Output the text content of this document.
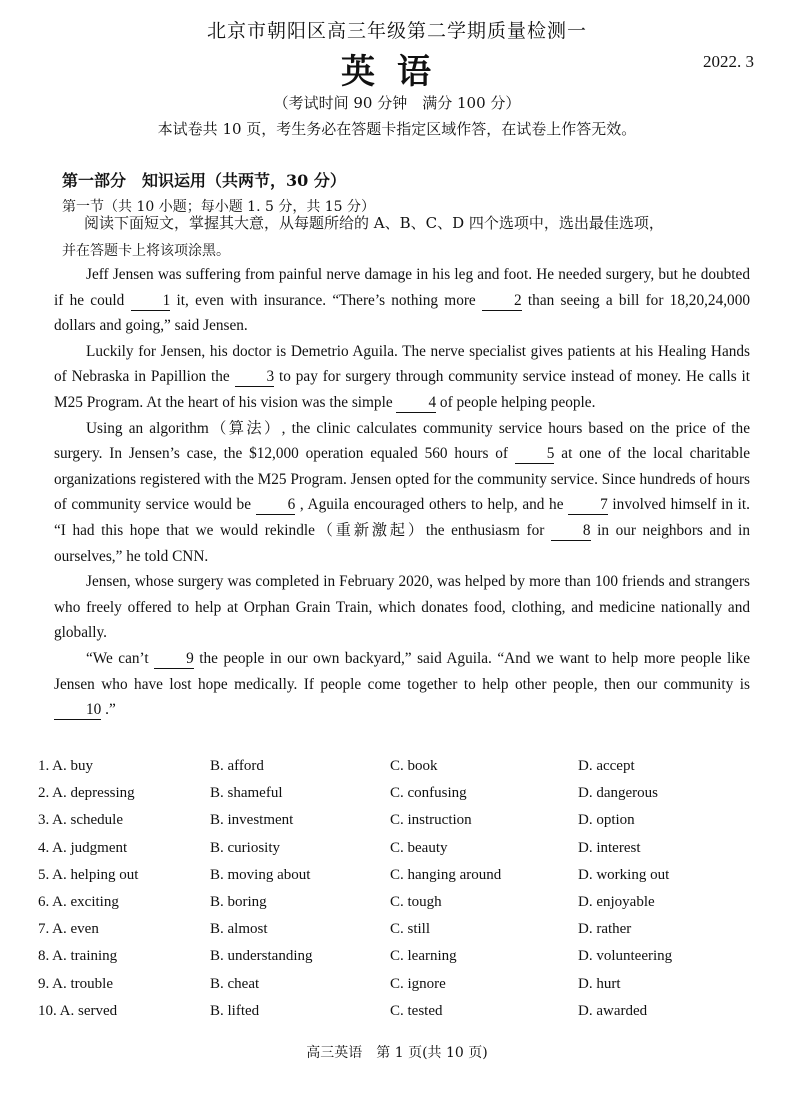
北京市朝阳区高三年级第二学期质量检测一
英语	2022. 3
（考试时间 90 分钟　满分 100 分）
本试卷共 10 页，考生务必在答题卡指定区域作答，在试卷上作答无效。
第一部分　知识运用（共两节，30 分）
第一节（共 10 小题；每小题 1. 5 分，共 15 分）
阅读下面短文，掌握其大意，从每题所给的 A、B、C、D 四个选项中，选出最佳选项，
并在答题卡上将该项涂黑。

Jeff Jensen was suffering from painful nerve damage in his leg and foot. He needed surgery, but he doubted if he could 1 it, even with insurance. “There’s nothing more 2 than seeing a bill for 18,20,24,000 dollars and going,” said Jensen.

Luckily for Jensen, his doctor is Demetrio Aguila. The nerve specialist gives patients at his Healing Hands of Nebraska in Papillion the 3 to pay for surgery through community service instead of money. He calls it M25 Program. At the heart of his vision was the simple 4 of people helping people.

Using an algorithm（算法）, the clinic calculates community service hours based on the price of the surgery. In Jensen’s case, the $12,000 operation equaled 560 hours of 5 at one of the local charitable organizations registered with the M25 Program. Jensen opted for the community service. Since hundreds of hours of community service would be 6 , Aguila encouraged others to help, and he 7 involved himself in it. “I had this hope that we would rekindle（重新激起）the enthusiasm for 8 in our neighbors and in ourselves,” he told CNN.

Jensen, whose surgery was completed in February 2020, was helped by more than 100 friends and strangers who freely offered to help at Orphan Grain Train, which donates food, clothing, and medicine nationally and globally.

“We can’t 9 the people in our own backyard,” said Aguila. “And we want to help more people like Jensen who have lost hope medically. If people come together to help other people, then our community is 10 .”

1. A. buy
2. A. depressing
3. A. schedule
4. A. judgment
5. A. helping out
6. A. exciting
7. A. even
8. A. training
9. A. trouble
10. A. served
B. afford
B. shameful
B. investment
B. curiosity
B. moving about
B. boring
B. almost
B. understanding
B. cheat
B. lifted
C. book
C. confusing
C. instruction
C. beauty
C. hanging around
C. tough
C. still
C. learning
C. ignore
C. tested
D. accept
D. dangerous
D. option
D. interest
D. working out
D. enjoyable
D. rather
D. volunteering
D. hurt
D. awarded
高三英语　第 1 页(共 10 页)
